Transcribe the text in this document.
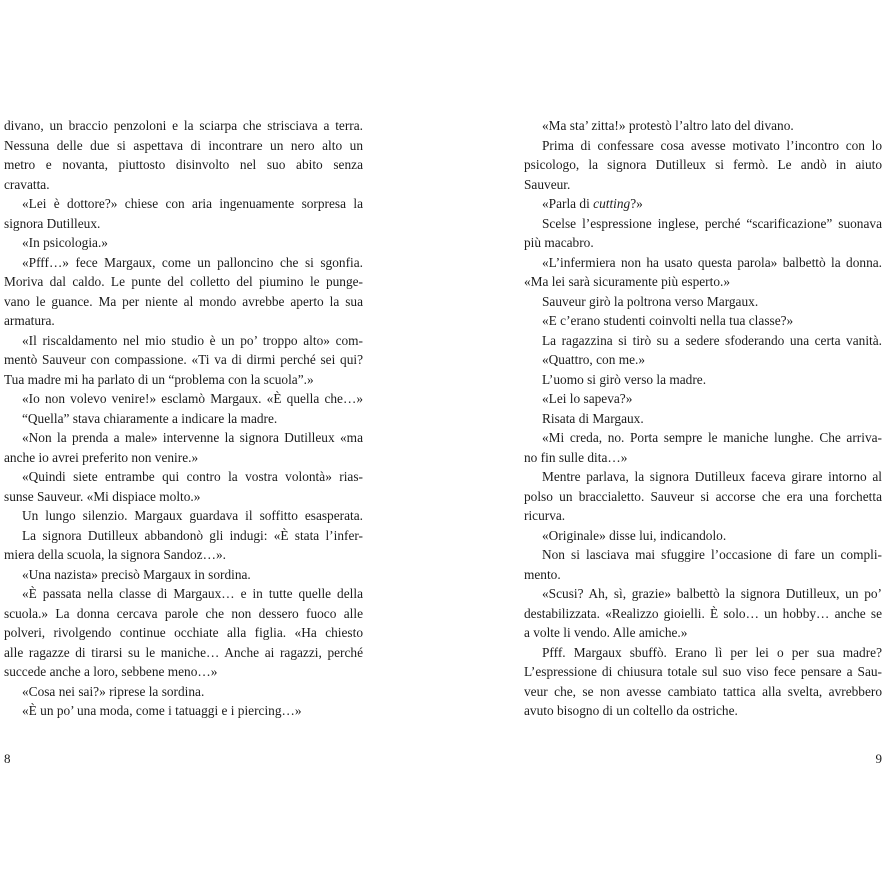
divano, un braccio penzoloni e la sciarpa che strisciava a terra.
Nessuna delle due si aspettava di incontrare un nero alto un
metro e novanta, piuttosto disinvolto nel suo abito senza
cravatta.
«Lei è dottore?» chiese con aria ingenuamente sorpresa la
signora Dutilleux.
«In psicologia.»
«Pfff…» fece Margaux, come un palloncino che si sgonfia.
Moriva dal caldo. Le punte del colletto del piumino le punge-
vano le guance. Ma per niente al mondo avrebbe aperto la sua
armatura.
«Il riscaldamento nel mio studio è un po’ troppo alto» com-
mentò Sauveur con compassione. «Ti va di dirmi perché sei qui?
Tua madre mi ha parlato di un “problema con la scuola”.»
«Io non volevo venire!» esclamò Margaux. «È quella che…»
“Quella” stava chiaramente a indicare la madre.
«Non la prenda a male» intervenne la signora Dutilleux «ma
anche io avrei preferito non venire.»
«Quindi siete entrambe qui contro la vostra volontà» rias-
sunse Sauveur. «Mi dispiace molto.»
Un lungo silenzio. Margaux guardava il soffitto esasperata.
La signora Dutilleux abbandonò gli indugi: «È stata l’infer-
miera della scuola, la signora Sandoz…».
«Una nazista» precisò Margaux in sordina.
«È passata nella classe di Margaux… e in tutte quelle della
scuola.» La donna cercava parole che non dessero fuoco alle
polveri, rivolgendo continue occhiate alla figlia. «Ha chiesto
alle ragazze di tirarsi su le maniche… Anche ai ragazzi, perché
succede anche a loro, sebbene meno…»
«Cosa nei sai?» riprese la sordina.
«È un po’ una moda, come i tatuaggi e i piercing…»
«Ma sta’ zitta!» protestò l’altro lato del divano.
Prima di confessare cosa avesse motivato l’incontro con lo
psicologo, la signora Dutilleux si fermò. Le andò in aiuto
Sauveur.
«Parla di cutting?»
Scelse l’espressione inglese, perché “scarificazione” suonava
più macabro.
«L’infermiera non ha usato questa parola» balbettò la donna.
«Ma lei sarà sicuramente più esperto.»
Sauveur girò la poltrona verso Margaux.
«E c’erano studenti coinvolti nella tua classe?»
La ragazzina si tirò su a sedere sfoderando una certa vanità.
«Quattro, con me.»
L’uomo si girò verso la madre.
«Lei lo sapeva?»
Risata di Margaux.
«Mi creda, no. Porta sempre le maniche lunghe. Che arriva-
no fin sulle dita…»
Mentre parlava, la signora Dutilleux faceva girare intorno al
polso un braccialetto. Sauveur si accorse che era una forchetta
ricurva.
«Originale» disse lui, indicandolo.
Non si lasciava mai sfuggire l’occasione di fare un compli-
mento.
«Scusi? Ah, sì, grazie» balbettò la signora Dutilleux, un po’
destabilizzata. «Realizzo gioielli. È solo… un hobby… anche se
a volte li vendo. Alle amiche.»
Pfff. Margaux sbuffò. Erano lì per lei o per sua madre?
L’espressione di chiusura totale sul suo viso fece pensare a Sau-
veur che, se non avesse cambiato tattica alla svelta, avrebbero
avuto bisogno di un coltello da ostriche.
8	9
